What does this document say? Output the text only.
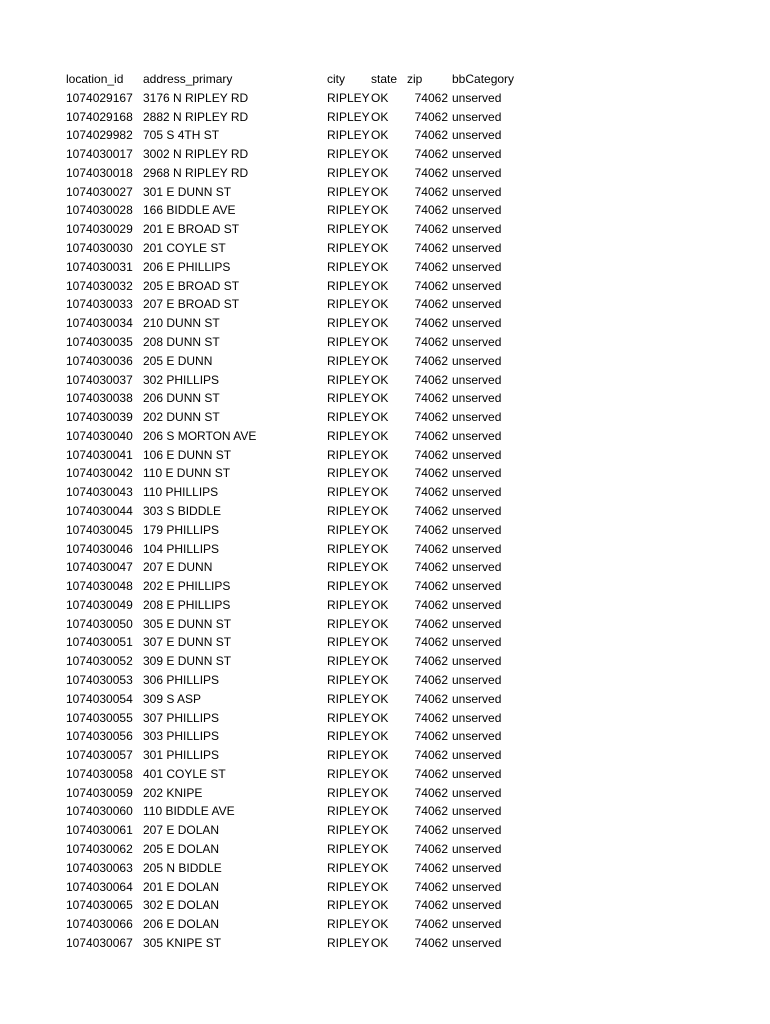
location_id	address_primary	city	state	zip	bbCategory
1074029167	3176 N RIPLEY RD	RIPLEY	OK	74062	unserved
1074029168	2882 N RIPLEY RD	RIPLEY	OK	74062	unserved
1074029982	705 S 4TH ST	RIPLEY	OK	74062	unserved
1074030017	3002 N RIPLEY RD	RIPLEY	OK	74062	unserved
1074030018	2968 N RIPLEY RD	RIPLEY	OK	74062	unserved
1074030027	301 E DUNN ST	RIPLEY	OK	74062	unserved
1074030028	166 BIDDLE AVE	RIPLEY	OK	74062	unserved
1074030029	201 E BROAD ST	RIPLEY	OK	74062	unserved
1074030030	201 COYLE ST	RIPLEY	OK	74062	unserved
1074030031	206 E PHILLIPS	RIPLEY	OK	74062	unserved
1074030032	205 E BROAD ST	RIPLEY	OK	74062	unserved
1074030033	207 E BROAD ST	RIPLEY	OK	74062	unserved
1074030034	210 DUNN ST	RIPLEY	OK	74062	unserved
1074030035	208 DUNN ST	RIPLEY	OK	74062	unserved
1074030036	205 E DUNN	RIPLEY	OK	74062	unserved
1074030037	302 PHILLIPS	RIPLEY	OK	74062	unserved
1074030038	206 DUNN ST	RIPLEY	OK	74062	unserved
1074030039	202 DUNN ST	RIPLEY	OK	74062	unserved
1074030040	206 S MORTON AVE	RIPLEY	OK	74062	unserved
1074030041	106 E DUNN ST	RIPLEY	OK	74062	unserved
1074030042	110 E DUNN ST	RIPLEY	OK	74062	unserved
1074030043	110 PHILLIPS	RIPLEY	OK	74062	unserved
1074030044	303 S BIDDLE	RIPLEY	OK	74062	unserved
1074030045	179 PHILLIPS	RIPLEY	OK	74062	unserved
1074030046	104 PHILLIPS	RIPLEY	OK	74062	unserved
1074030047	207 E DUNN	RIPLEY	OK	74062	unserved
1074030048	202 E PHILLIPS	RIPLEY	OK	74062	unserved
1074030049	208 E PHILLIPS	RIPLEY	OK	74062	unserved
1074030050	305 E DUNN ST	RIPLEY	OK	74062	unserved
1074030051	307 E DUNN ST	RIPLEY	OK	74062	unserved
1074030052	309 E DUNN ST	RIPLEY	OK	74062	unserved
1074030053	306 PHILLIPS	RIPLEY	OK	74062	unserved
1074030054	309 S ASP	RIPLEY	OK	74062	unserved
1074030055	307 PHILLIPS	RIPLEY	OK	74062	unserved
1074030056	303 PHILLIPS	RIPLEY	OK	74062	unserved
1074030057	301 PHILLIPS	RIPLEY	OK	74062	unserved
1074030058	401 COYLE ST	RIPLEY	OK	74062	unserved
1074030059	202 KNIPE	RIPLEY	OK	74062	unserved
1074030060	110 BIDDLE AVE	RIPLEY	OK	74062	unserved
1074030061	207 E DOLAN	RIPLEY	OK	74062	unserved
1074030062	205 E DOLAN	RIPLEY	OK	74062	unserved
1074030063	205 N BIDDLE	RIPLEY	OK	74062	unserved
1074030064	201 E DOLAN	RIPLEY	OK	74062	unserved
1074030065	302 E DOLAN	RIPLEY	OK	74062	unserved
1074030066	206 E DOLAN	RIPLEY	OK	74062	unserved
1074030067	305 KNIPE ST	RIPLEY	OK	74062	unserved
